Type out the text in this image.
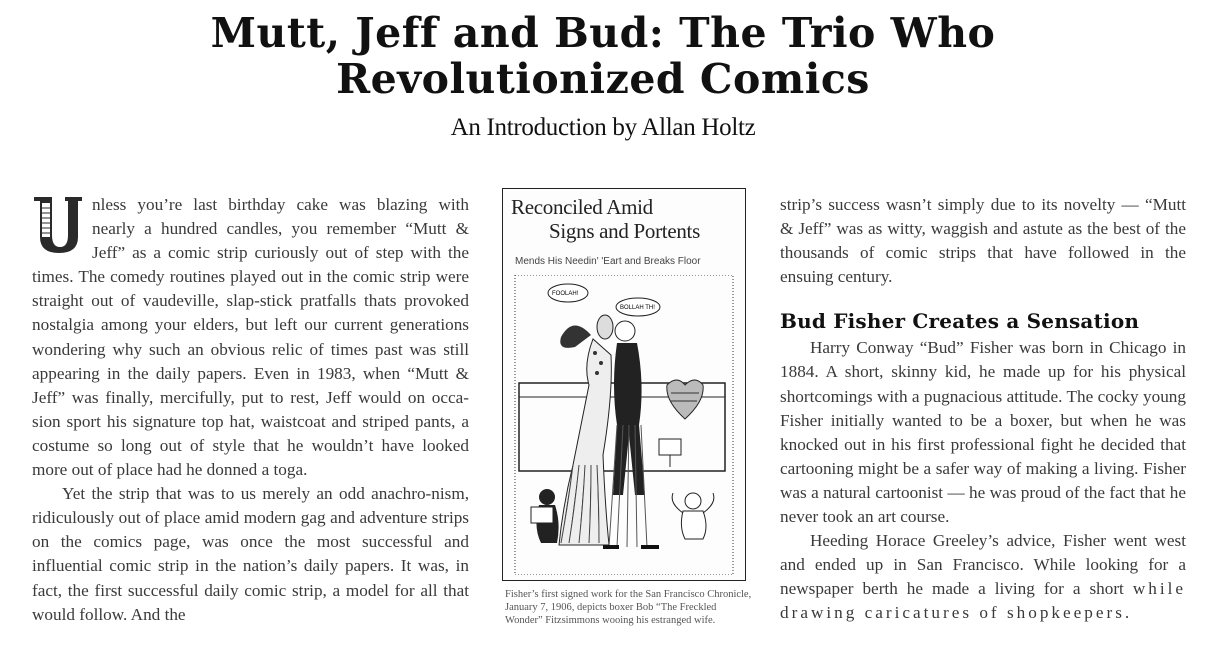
Mutt, Jeff and Bud: The Trio Who
Revolutionized Comics
An Introduction by Allan Holtz

U
nless you’re last birthday cake was blazing with nearly a hundred candles, you remember “Mutt & Jeff” as a comic strip curiously out of step with the times. The comedy routines played out in the comic strip were straight out of vaudeville, slap-stick pratfalls thats provoked nostalgia among your elders, but left our current generations wondering why such an obvious relic of times past was still appearing in the daily papers. Even in 1983, when “Mutt & Jeff” was finally, mercifully, put to rest, Jeff would on occa-sion sport his signature top hat, waistcoat and striped pants, a costume so long out of style that he wouldn’t have looked more out of place had he donned a toga.

Yet the strip that was to us merely an odd anachro-nism, ridiculously out of place amid modern gag and adventure strips on the comics page, was once the most successful and influential comic strip in the nation’s daily papers. It was, in fact, the first successful daily comic strip, a model for all that would follow. And the

Reconciled Amid
Signs and Portents
Mends His Needin' 'Eart and Breaks Floor
FOOLAH!
BOLLAH TH!
Fisher’s first signed work for the San Francisco Chronicle, January 7, 1906, depicts boxer Bob “The Freckled Wonder” Fitzsimmons wooing his estranged wife.

strip’s success wasn’t simply due to its novelty — “Mutt & Jeff” was as witty, waggish and astute as the best of the thousands of comic strips that have followed in the ensuing century.

Bud Fisher Creates a Sensation

Harry Conway “Bud” Fisher was born in Chicago in 1884. A short, skinny kid, he made up for his physical shortcomings with a pugnacious attitude. The cocky young Fisher initially wanted to be a boxer, but when he was knocked out in his first professional fight he decided that cartooning might be a safer way of making a living. Fisher was a natural cartoonist — he was proud of the fact that he never took an art course.

Heeding Horace Greeley’s advice, Fisher went west and ended up in San Francisco. While looking for a newspaper berth he made a living for a short while drawing caricatures of shopkeepers.
